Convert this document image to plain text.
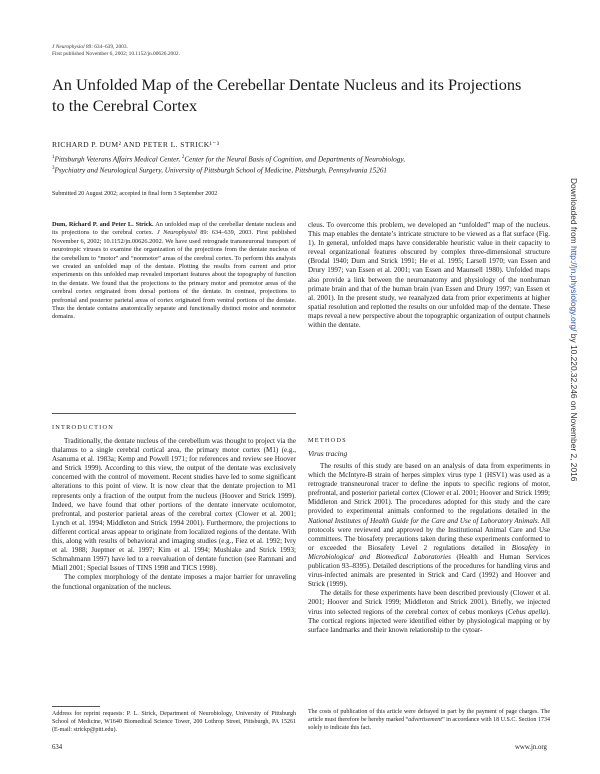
J Neurophysiol 89: 634–639, 2003.
First published November 6, 2002; 10.1152/jn.00626.2002.
An Unfolded Map of the Cerebellar Dentate Nucleus and its Projections to the Cerebral Cortex
RICHARD P. DUM² AND PETER L. STRICK¹⁻³
$^1$Pittsburgh Veterans Affairs Medical Center, $^2$Center for the Neural Basis of Cognition, and Departments of Neurobiology,
$^3$Psychiatry and Neurological Surgery, University of Pittsburgh School of Medicine, Pittsburgh, Pennsylvania 15261
Submitted 20 August 2002; accepted in final form 3 September 2002
Dum, Richard P. and Peter L. Strick. An unfolded map of the cerebellar dentate nucleus and its projections to the cerebral cortex. J Neurophysiol 89: 634–639, 2003. First published November 6, 2002; 10.1152/jn.00626.2002. We have used retrograde transneuronal transport of neurotropic viruses to examine the organization of the projections from the dentate nucleus of the cerebellum to “motor” and “nonmotor” areas of the cerebral cortex. To perform this analysis we created an unfolded map of the dentate. Plotting the results from current and prior experiments on this unfolded map revealed important features about the topography of function in the dentate. We found that the projections to the primary motor and premotor areas of the cerebral cortex originated from dorsal portions of the dentate. In contrast, projections to prefrontal and posterior parietal areas of cortex originated from ventral portions of the dentate. Thus the dentate contains anatomically separate and functionally distinct motor and nonmotor domains.
INTRODUCTION

Traditionally, the dentate nucleus of the cerebellum was thought to project via the thalamus to a single cerebral cortical area, the primary motor cortex (M1) (e.g., Asanuma et al. 1983a; Kemp and Powell 1971; for references and review see Hoover and Strick 1999). According to this view, the output of the dentate was exclusively concerned with the control of movement. Recent studies have led to some significant alterations to this point of view. It is now clear that the dentate projection to M1 represents only a fraction of the output from the nucleus (Hoover and Strick 1999). Indeed, we have found that other portions of the dentate innervate oculomotor, prefrontal, and posterior parietal areas of the cerebral cortex (Clower et al. 2001; Lynch et al. 1994; Middleton and Strick 1994 2001). Furthermore, the projections to different cortical areas appear to originate from localized regions of the dentate. With this, along with results of behavioral and imaging studies (e.g., Fiez et al. 1992; Ivry et al. 1988; Jueptner et al. 1997; Kim et al. 1994; Mushiake and Strick 1993; Schmahmann 1997) have led to a reevaluation of dentate function (see Ramnani and Miall 2001; Special Issues of TINS 1998 and TICS 1998).

The complex morphology of the dentate imposes a major barrier for unraveling the functional organization of the nucleus.

cleus. To overcome this problem, we developed an “unfolded” map of the nucleus. This map enables the dentate’s intricate structure to be viewed as a flat surface (Fig. 1). In general, unfolded maps have considerable heuristic value in their capacity to reveal organizational features obscured by complex three-dimensional structure (Brodal 1940; Dum and Strick 1991; He et al. 1995; Larsell 1970; van Essen and Drury 1997; van Essen et al. 2001; van Essen and Maunsell 1980). Unfolded maps also provide a link between the neuroanatomy and physiology of the nonhuman primate brain and that of the human brain (van Essen and Drury 1997; van Essen et al. 2001). In the present study, we reanalyzed data from prior experiments at higher spatial resolution and replotted the results on our unfolded map of the dentate. These maps reveal a new perspective about the topographic organization of output channels within the dentate.

METHODS
Virus tracing

The results of this study are based on an analysis of data from experiments in which the McIntyre-B strain of herpes simplex virus type 1 (HSV1) was used as a retrograde transneuronal tracer to define the inputs to specific regions of motor, prefrontal, and posterior parietal cortex (Clower et al. 2001; Hoover and Strick 1999; Middleton and Strick 2001). The procedures adopted for this study and the care provided to experimental animals conformed to the regulations detailed in the National Institutes of Health Guide for the Care and Use of Laboratory Animals. All protocols were reviewed and approved by the Institutional Animal Care and Use committees. The biosafety precautions taken during these experiments conformed to or exceeded the Biosafety Level 2 regulations detailed in Biosafety in Microbiological and Biomedical Laboratories (Health and Human Services publication 93–8395). Detailed descriptions of the procedures for handling virus and virus-infected animals are presented in Strick and Card (1992) and Hoover and Strick (1999).

The details for these experiments have been described previously (Clower et al. 2001; Hoover and Strick 1999; Middleton and Strick 2001). Briefly, we injected virus into selected regions of the cerebral cortex of cebus monkeys (Cebus apella). The cortical regions injected were identified either by physiological mapping or by surface landmarks and their known relationship to the cytoar-

Address for reprint requests: P. L. Strick, Department of Neurobiology, University of Pittsburgh School of Medicine, W1640 Biomedical Science Tower, 200 Lothrop Street, Pittsburgh, PA 15261 (E-mail: strickp@pitt.edu).
The costs of publication of this article were defrayed in part by the payment of page charges. The article must therefore be hereby marked “advertisement” in accordance with 18 U.S.C. Section 1734 solely to indicate this fact.
634	www.jn.org
Downloaded from http://jn.physiology.org/ by 10.220.32.246 on November 2, 2016
